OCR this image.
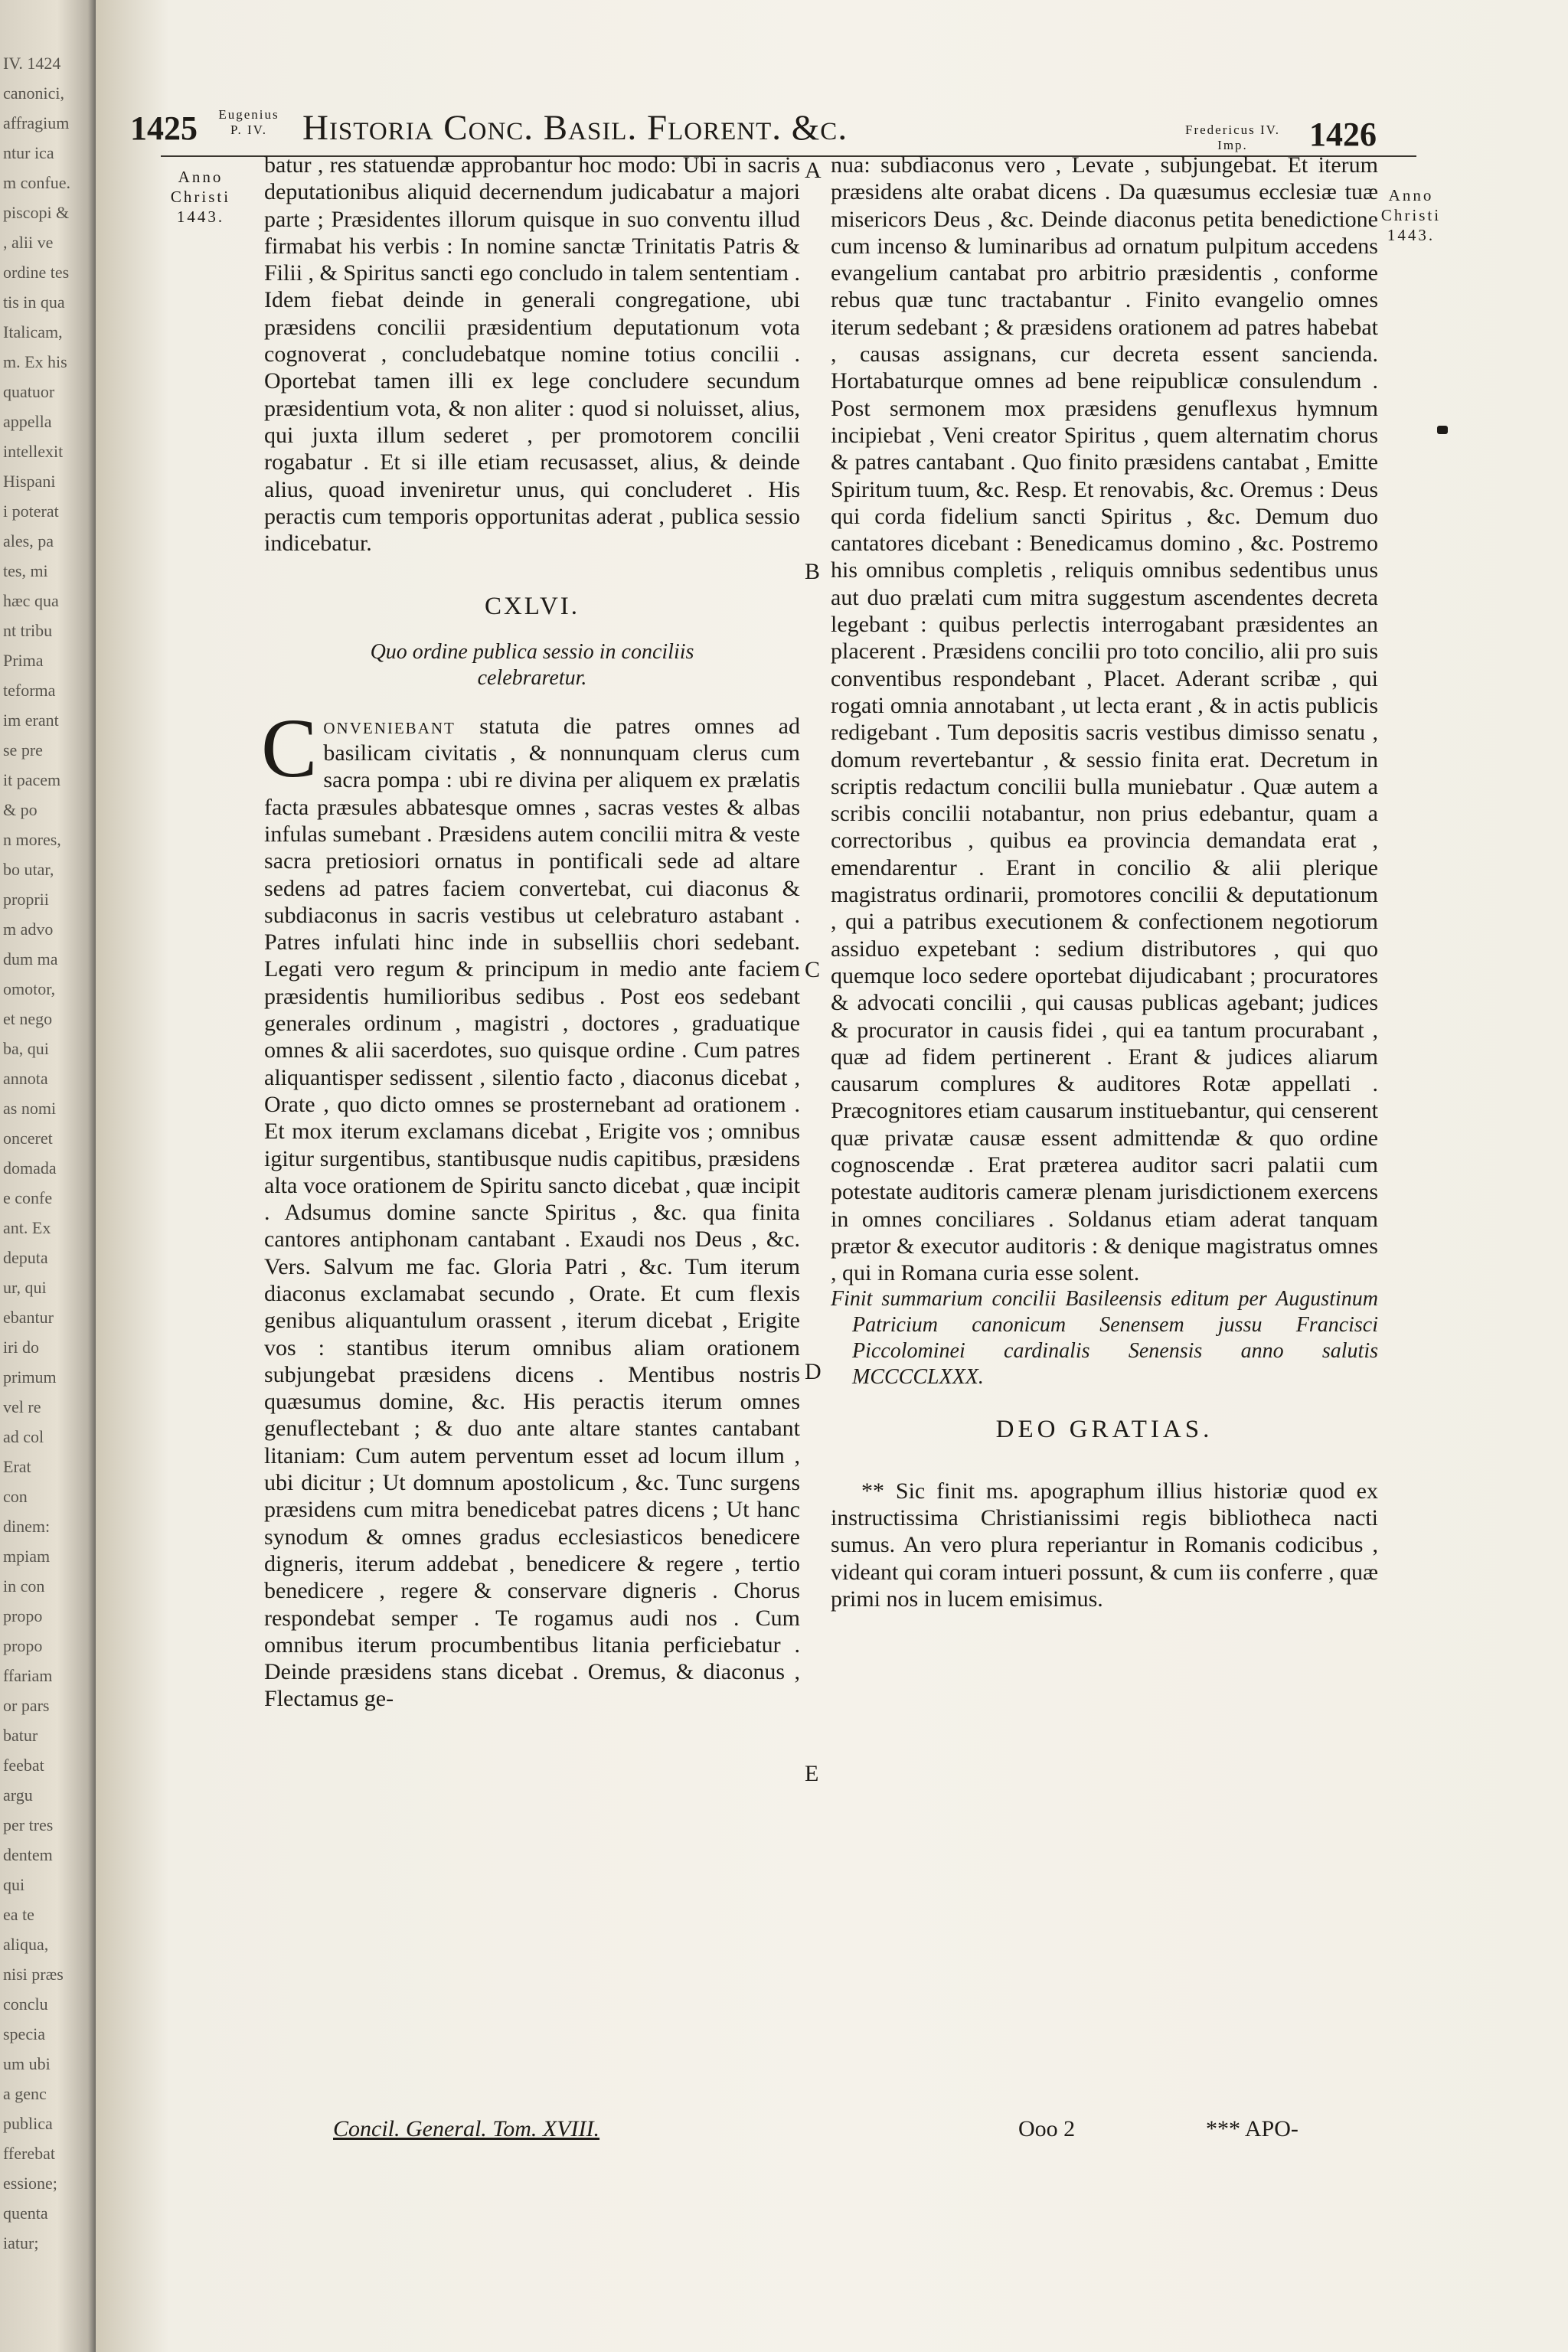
IV. 1424
canonici,
affragium
ntur ica
m confue.
piscopi &
, alii ve
ordine tes
tis in qua
Italicam,
m. Ex his
quatuor
appella
intellexit
Hispani
i poterat
ales, pa
tes, mi
hæc qua
nt tribu
Prima
teforma
im erant
se pre
it pacem
& po
n mores,
bo utar,
proprii
m advo
dum ma
omotor,
et nego
ba, qui
annota
as nomi
onceret
domada
e confe
ant. Ex
deputa
ur, qui
ebantur
iri do
primum
vel re
ad col
Erat
con
dinem:
mpiam
in con
propo
propo
ffariam
or pars
batur
feebat
argu
per tres
dentem
qui
ea te
aliqua,
nisi præs
conclu
specia
um ubi
a genc
publica
fferebat
essione;
quenta
iatur;
1425	Eugenius
P. IV. Historia Conc. Basil. Florent. &c.	Fredericus IV.
Imp.	1426
Anno
Christi
1443.
Anno
Christi
1443.
A
B
C
D
E

batur , res statuendæ approbantur hoc modo: Ubi in sacris deputationibus aliquid decernendum judicabatur a majori parte ; Præsidentes illorum quisque in suo conventu illud firmabat his verbis : In nomine sanctæ Trinitatis Patris & Filii , & Spiritus sancti ego concludo in talem sententiam . Idem fiebat deinde in generali congregatione, ubi præsidens concilii præsidentium deputationum vota cognoverat , concludebatque nomine totius concilii . Oportebat tamen illi ex lege concludere secundum præsidentium vota, & non aliter : quod si noluisset, alius, qui juxta illum sederet , per promotorem concilii rogabatur . Et si ille etiam recusasset, alius, & deinde alius, quoad inveniretur unus, qui concluderet . His peractis cum temporis opportunitas aderat , publica sessio indicebatur.

CXLVI.
Quo ordine publica sessio in conciliis
celebraretur.

Conveniebant statuta die patres omnes ad basilicam civitatis , & nonnunquam clerus cum sacra pompa : ubi re divina per aliquem ex prælatis facta præsules abbatesque omnes , sacras vestes & albas infulas sumebant . Præsidens autem concilii mitra & veste sacra pretiosiori ornatus in pontificali sede ad altare sedens ad patres faciem convertebat, cui diaconus & subdiaconus in sacris vestibus ut celebraturo astabant . Patres infulati hinc inde in subselliis chori sedebant. Legati vero regum & principum in medio ante faciem præsidentis humilioribus sedibus . Post eos sedebant generales ordinum , magistri , doctores , graduatique omnes & alii sacerdotes, suo quisque ordine . Cum patres aliquantisper sedissent , silentio facto , diaconus dicebat , Orate , quo dicto omnes se prosternebant ad orationem . Et mox iterum exclamans dicebat , Erigite vos ; omnibus igitur surgentibus, stantibusque nudis capitibus, præsidens alta voce orationem de Spiritu sancto dicebat , quæ incipit . Adsumus domine sancte Spiritus , &c. qua finita cantores antiphonam cantabant . Exaudi nos Deus , &c. Vers. Salvum me fac. Gloria Patri , &c. Tum iterum diaconus exclamabat secundo , Orate. Et cum flexis genibus aliquantulum orassent , iterum dicebat , Erigite vos : stantibus iterum omnibus aliam orationem subjungebat præsidens dicens . Mentibus nostris quæsumus domine, &c. His peractis iterum omnes genuflectebant ; & duo ante altare stantes cantabant litaniam: Cum autem perventum esset ad locum illum , ubi dicitur ; Ut domnum apostolicum , &c. Tunc surgens præsidens cum mitra benedicebat patres dicens ; Ut hanc synodum & omnes gradus ecclesiasticos benedicere digneris, iterum addebat , benedicere & regere , tertio benedicere , regere & conservare digneris . Chorus respondebat semper . Te rogamus audi nos . Cum omnibus iterum procumbentibus litania perficiebatur . Deinde præsidens stans dicebat . Oremus, & diaconus , Flectamus ge-

nua: subdiaconus vero , Levate , subjungebat. Et iterum præsidens alte orabat dicens . Da quæsumus ecclesiæ tuæ misericors Deus , &c. Deinde diaconus petita benedictione cum incenso & luminaribus ad ornatum pulpitum accedens evangelium cantabat pro arbitrio præsidentis , conforme rebus quæ tunc tractabantur . Finito evangelio omnes iterum sedebant ; & præsidens orationem ad patres habebat , causas assignans, cur decreta essent sancienda. Hortabaturque omnes ad bene reipublicæ consulendum . Post sermonem mox præsidens genuflexus hymnum incipiebat , Veni creator Spiritus , quem alternatim chorus & patres cantabant . Quo finito præsidens cantabat , Emitte Spiritum tuum, &c. Resp. Et renovabis, &c. Oremus : Deus qui corda fidelium sancti Spiritus , &c. Demum duo cantatores dicebant : Benedicamus domino , &c. Postremo his omnibus completis , reliquis omnibus sedentibus unus aut duo prælati cum mitra suggestum ascendentes decreta legebant : quibus perlectis interrogabant præsidentes an placerent . Præsidens concilii pro toto concilio, alii pro suis conventibus respondebant , Placet. Aderant scribæ , qui rogati omnia annotabant , ut lecta erant , & in actis publicis redigebant . Tum depositis sacris vestibus dimisso senatu , domum revertebantur , & sessio finita erat. Decretum in scriptis redactum concilii bulla muniebatur . Quæ autem a scribis concilii notabantur, non prius edebantur, quam a correctoribus , quibus ea provincia demandata erat , emendarentur . Erant in concilio & alii plerique magistratus ordinarii, promotores concilii & deputationum , qui a patribus executionem & confectionem negotiorum assiduo expetebant : sedium distributores , qui quo quemque loco sedere oportebat dijudicabant ; procuratores & advocati concilii , qui causas publicas agebant; judices & procurator in causis fidei , qui ea tantum procurabant , quæ ad fidem pertinerent . Erant & judices aliarum causarum complures & auditores Rotæ appellati . Præcognitores etiam causarum instituebantur, qui censerent quæ privatæ causæ essent admittendæ & quo ordine cognoscendæ . Erat præterea auditor sacri palatii cum potestate auditoris cameræ plenam jurisdictionem exercens in omnes conciliares . Soldanus etiam aderat tanquam prætor & executor auditoris : & denique magistratus omnes , qui in Romana curia esse solent.

Finit summarium concilii Basileensis editum per Augustinum Patricium canonicum Senensem jussu Francisci Piccolominei cardinalis Senensis anno salutis MCCCCLXXX.

DEO GRATIAS.

** Sic finit ms. apographum illius historiæ quod ex instructissima Christianissimi regis bibliotheca nacti sumus. An vero plura reperiantur in Romanis codicibus , videant qui coram intueri possunt, & cum iis conferre , quæ primi nos in lucem emisimus.

Concil. General. Tom. XVIII.	Ooo 2	*** APO-
